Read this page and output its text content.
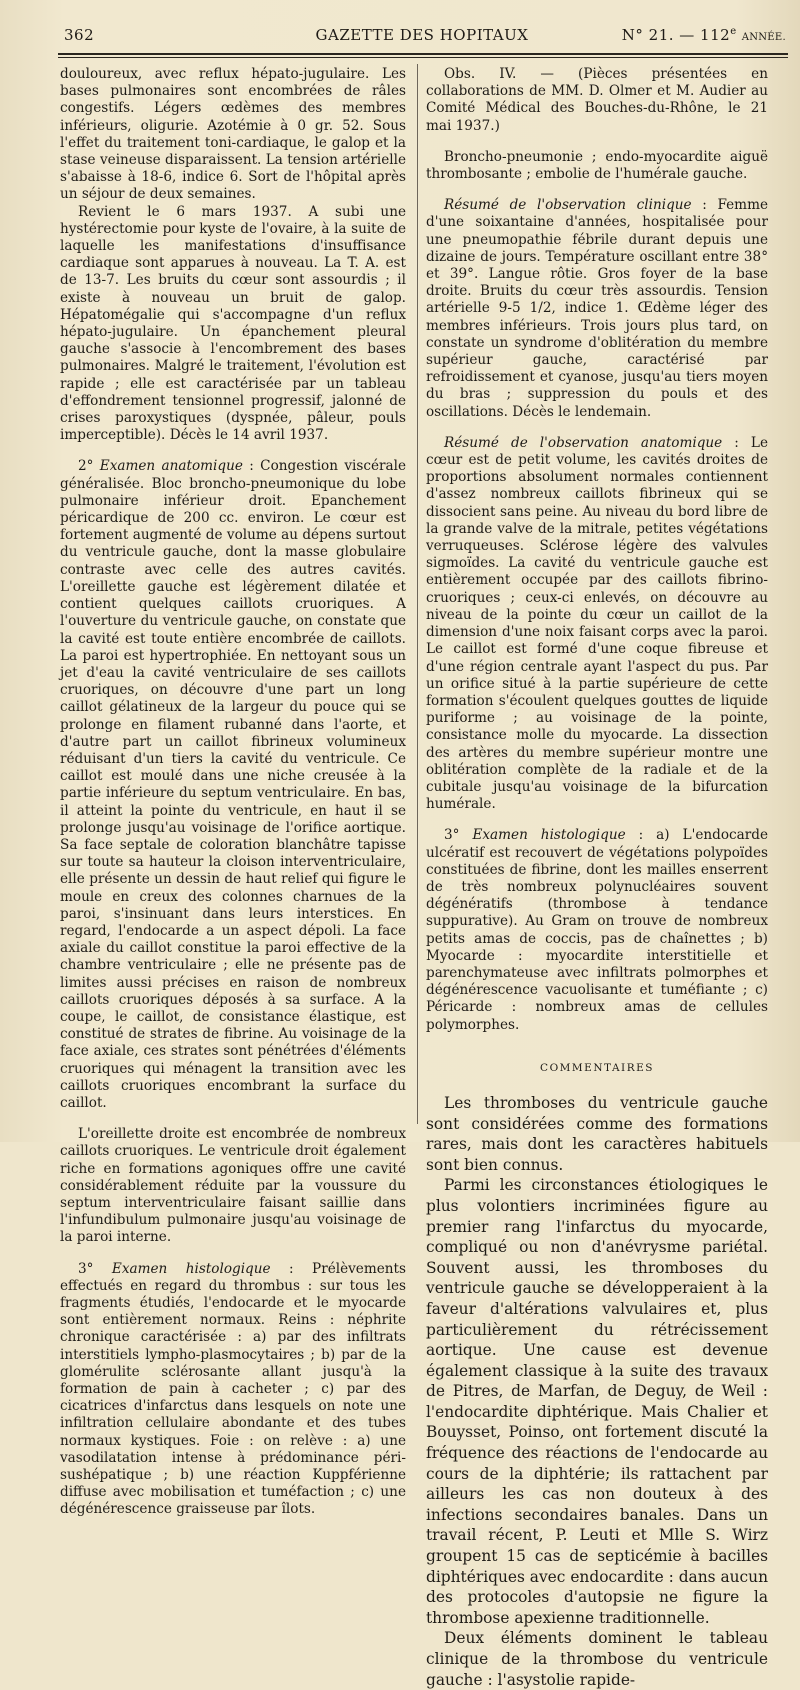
362	GAZETTE DES HOPITAUX	N° 21. — 112e ANNÉE.

douloureux, avec reflux hépato-jugulaire. Les bases pulmonaires sont encombrées de râles congestifs. Légers œdèmes des membres inférieurs, oligurie. Azotémie à 0 gr. 52. Sous l'effet du traitement toni-cardiaque, le galop et la stase veineuse disparaissent. La tension artérielle s'abaisse à 18-6, indice 6. Sort de l'hôpital après un séjour de deux semaines.

Revient le 6 mars 1937. A subi une hystérectomie pour kyste de l'ovaire, à la suite de laquelle les manifestations d'insuffisance cardiaque sont apparues à nouveau. La T. A. est de 13-7. Les bruits du cœur sont assourdis ; il existe à nouveau un bruit de galop. Hépatomégalie qui s'accompagne d'un reflux hépato-jugulaire. Un épanchement pleural gauche s'associe à l'encombrement des bases pulmonaires. Malgré le traitement, l'évolution est rapide ; elle est caractérisée par un tableau d'effondrement tensionnel progressif, jalonné de crises paroxystiques (dyspnée, pâleur, pouls imperceptible). Décès le 14 avril 1937.

2° Examen anatomique : Congestion viscérale généralisée. Bloc broncho-pneumonique du lobe pulmonaire inférieur droit. Epanchement péricardique de 200 cc. environ. Le cœur est fortement augmenté de volume au dépens surtout du ventricule gauche, dont la masse globulaire contraste avec celle des autres cavités. L'oreillette gauche est légèrement dilatée et contient quelques caillots cruoriques. A l'ouverture du ventricule gauche, on constate que la cavité est toute entière encombrée de caillots. La paroi est hypertrophiée. En nettoyant sous un jet d'eau la cavité ventriculaire de ses caillots cruoriques, on découvre d'une part un long caillot gélatineux de la largeur du pouce qui se prolonge en filament rubanné dans l'aorte, et d'autre part un caillot fibrineux volumineux réduisant d'un tiers la cavité du ventricule. Ce caillot est moulé dans une niche creusée à la partie inférieure du septum ventriculaire. En bas, il atteint la pointe du ventricule, en haut il se prolonge jusqu'au voisinage de l'orifice aortique. Sa face septale de coloration blanchâtre tapisse sur toute sa hauteur la cloison interventriculaire, elle présente un dessin de haut relief qui figure le moule en creux des colonnes charnues de la paroi, s'insinuant dans leurs interstices. En regard, l'endocarde a un aspect dépoli. La face axiale du caillot constitue la paroi effective de la chambre ventriculaire ; elle ne présente pas de limites aussi précises en raison de nombreux caillots cruoriques déposés à sa surface. A la coupe, le caillot, de consistance élastique, est constitué de strates de fibrine. Au voisinage de la face axiale, ces strates sont pénétrées d'éléments cruoriques qui ménagent la transition avec les caillots cruoriques encombrant la surface du caillot.

L'oreillette droite est encombrée de nombreux caillots cruoriques. Le ventricule droit également riche en formations agoniques offre une cavité considérablement réduite par la voussure du septum interventriculaire faisant saillie dans l'infundibulum pulmonaire jusqu'au voisinage de la paroi interne.

3° Examen histologique : Prélèvements effectués en regard du thrombus : sur tous les fragments étudiés, l'endocarde et le myocarde sont entièrement normaux. Reins : néphrite chronique caractérisée : a) par des infiltrats interstitiels lympho-plasmocytaires ; b) par de la glomérulite sclérosante allant jusqu'à la formation de pain à cacheter ; c) par des cicatrices d'infarctus dans lesquels on note une infiltration cellulaire abondante et des tubes normaux kystiques. Foie : on relève : a) une vasodilatation intense à prédominance péri-sushépatique ; b) une réaction Kuppférienne diffuse avec mobilisation et tuméfaction ; c) une dégénérescence graisseuse par îlots.

Obs. IV. — (Pièces présentées en collaborations de MM. D. Olmer et M. Audier au Comité Médical des Bouches-du-Rhône, le 21 mai 1937.)

Broncho-pneumonie ; endo-myocardite aiguë thrombosante ; embolie de l'humérale gauche.

Résumé de l'observation clinique : Femme d'une soixantaine d'années, hospitalisée pour une pneumopathie fébrile durant depuis une dizaine de jours. Température oscillant entre 38° et 39°. Langue rôtie. Gros foyer de la base droite. Bruits du cœur très assourdis. Tension artérielle 9-5 1/2, indice 1. Œdème léger des membres inférieurs. Trois jours plus tard, on constate un syndrome d'oblitération du membre supérieur gauche, caractérisé par refroidissement et cyanose, jusqu'au tiers moyen du bras ; suppression du pouls et des oscillations. Décès le lendemain.

Résumé de l'observation anatomique : Le cœur est de petit volume, les cavités droites de proportions absolument normales contiennent d'assez nombreux caillots fibrineux qui se dissocient sans peine. Au niveau du bord libre de la grande valve de la mitrale, petites végétations verruqueuses. Sclérose légère des valvules sigmoïdes. La cavité du ventricule gauche est entièrement occupée par des caillots fibrino-cruoriques ; ceux-ci enlevés, on découvre au niveau de la pointe du cœur un caillot de la dimension d'une noix faisant corps avec la paroi. Le caillot est formé d'une coque fibreuse et d'une région centrale ayant l'aspect du pus. Par un orifice situé à la partie supérieure de cette formation s'écoulent quelques gouttes de liquide puriforme ; au voisinage de la pointe, consistance molle du myocarde. La dissection des artères du membre supérieur montre une oblitération complète de la radiale et de la cubitale jusqu'au voisinage de la bifurcation humérale.

3° Examen histologique : a) L'endocarde ulcératif est recouvert de végétations polypoïdes constituées de fibrine, dont les mailles enserrent de très nombreux polynucléaires souvent dégénératifs (thrombose à tendance suppurative). Au Gram on trouve de nombreux petits amas de coccis, pas de chaînettes ; b) Myocarde : myocardite interstitielle et parenchymateuse avec infiltrats polmorphes et dégénérescence vacuolisante et tuméfiante ; c) Péricarde : nombreux amas de cellules polymorphes.

COMMENTAIRES

Les thromboses du ventricule gauche sont considérées comme des formations rares, mais dont les caractères habituels sont bien connus.

Parmi les circonstances étiologiques le plus volontiers incriminées figure au premier rang l'infarctus du myocarde, compliqué ou non d'anévrysme pariétal. Souvent aussi, les thromboses du ventricule gauche se développeraient à la faveur d'altérations valvulaires et, plus particulièrement du rétrécissement aortique. Une cause est devenue également classique à la suite des travaux de Pitres, de Marfan, de Deguy, de Weil : l'endocardite diphtérique. Mais Chalier et Bouysset, Poinso, ont fortement discuté la fréquence des réactions de l'endocarde au cours de la diphtérie; ils rattachent par ailleurs les cas non douteux à des infections secondaires banales. Dans un travail récent, P. Leuti et Mlle S. Wirz groupent 15 cas de septicémie à bacilles diphtériques avec endocardite : dans aucun des protocoles d'autopsie ne figure la thrombose apexienne traditionnelle.

Deux éléments dominent le tableau clinique de la thrombose du ventricule gauche : l'asystolie rapide-
